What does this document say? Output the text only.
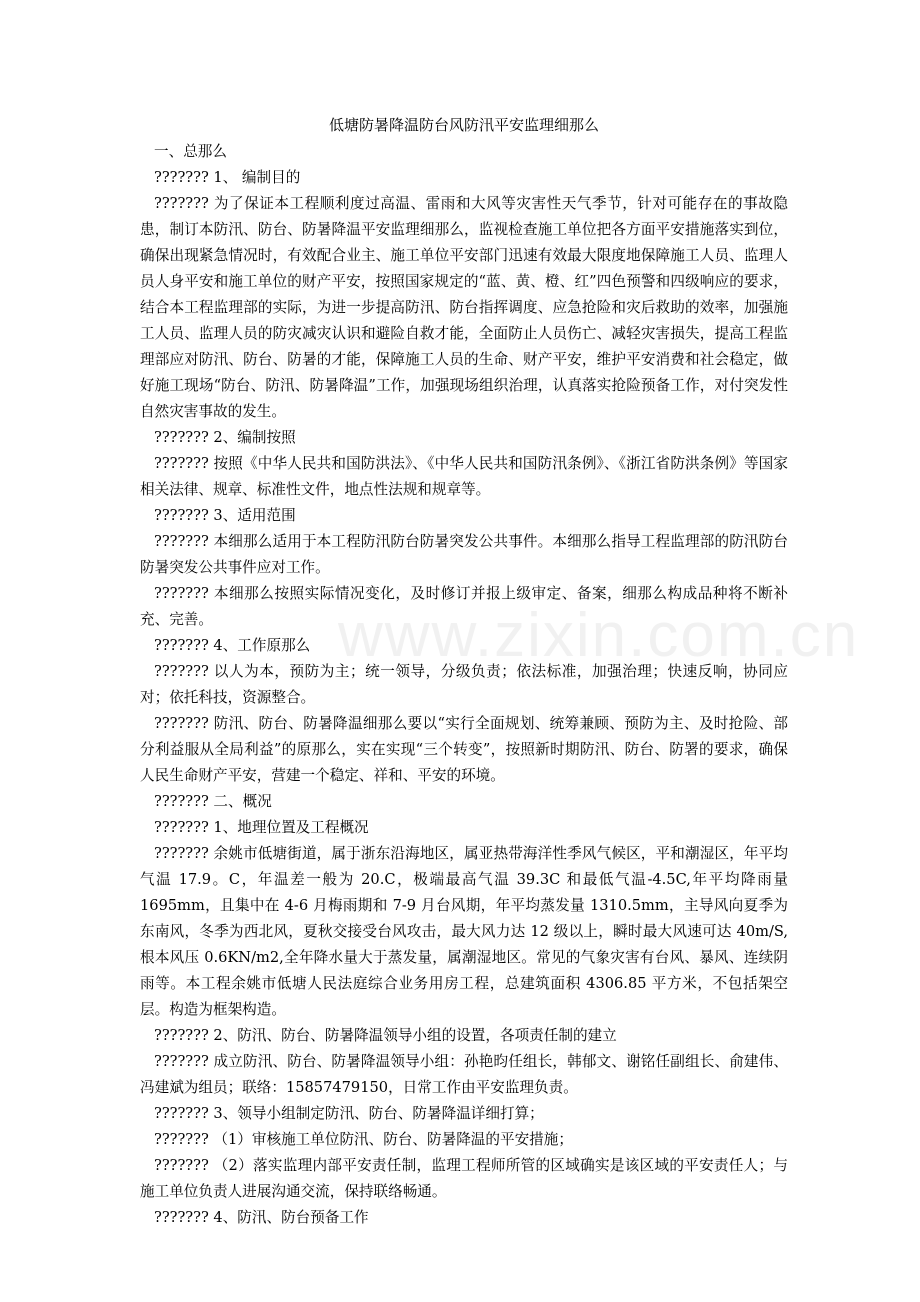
www.zixin.com.cn

低塘防暑降温防台风防汛平安监理细那么

一、总那么

??????? 1、 编制目的

??????? 为了保证本工程顺利度过高温、雷雨和大风等灾害性天气季节，针对可能存在的事故隐患，制订本防汛、防台、防暑降温平安监理细那么，监视检查施工单位把各方面平安措施落实到位，确保出现紧急情况时，有效配合业主、施工单位平安部门迅速有效最大限度地保障施工人员、监理人员人身平安和施工单位的财产平安，按照国家规定的“蓝、黄、橙、红”四色预警和四级响应的要求，结合本工程监理部的实际，为进一步提高防汛、防台指挥调度、应急抢险和灾后救助的效率，加强施工人员、监理人员的防灾减灾认识和避险自救才能，全面防止人员伤亡、减轻灾害损失，提高工程监理部应对防汛、防台、防暑的才能，保障施工人员的生命、财产平安，维护平安消费和社会稳定，做好施工现场“防台、防汛、防暑降温”工作，加强现场组织治理，认真落实抢险预备工作，对付突发性自然灾害事故的发生。

??????? 2、编制按照

??????? 按照《中华人民共和国防洪法》、《中华人民共和国防汛条例》、《浙江省防洪条例》等国家相关法律、规章、标准性文件，地点性法规和规章等。

??????? 3、适用范围

??????? 本细那么适用于本工程防汛防台防暑突发公共事件。本细那么指导工程监理部的防汛防台防暑突发公共事件应对工作。

??????? 本细那么按照实际情况变化，及时修订并报上级审定、备案，细那么构成品种将不断补充、完善。

??????? 4、工作原那么

??????? 以人为本，预防为主；统一领导，分级负责；依法标准，加强治理；快速反响，协同应对；依托科技，资源整合。

??????? 防汛、防台、防暑降温细那么要以“实行全面规划、统筹兼顾、预防为主、及时抢险、部分利益服从全局利益”的原那么，实在实现“三个转变”，按照新时期防汛、防台、防署的要求，确保人民生命财产平安，营建一个稳定、祥和、平安的环境。

??????? 二、概况

??????? 1、地理位置及工程概况

??????? 余姚市低塘街道，属于浙东沿海地区，属亚热带海洋性季风气候区，平和潮湿区，年平均气温 17.9。C，年温差一般为 20.C，极端最高气温 39.3C 和最低气温-4.5C,年平均降雨量 1695mm，且集中在 4-6 月梅雨期和 7-9 月台风期，年平均蒸发量 1310.5mm，主导风向夏季为东南风，冬季为西北风，夏秋交接受台风攻击，最大风力达 12 级以上，瞬时最大风速可达 40m/S,根本风压 0.6KN/m2,全年降水量大于蒸发量，属潮湿地区。常见的气象灾害有台风、暴风、连续阴雨等。本工程余姚市低塘人民法庭综合业务用房工程，总建筑面积 4306.85 平方米，不包括架空层。构造为框架构造。

??????? 2、防汛、防台、防暑降温领导小组的设置，各项责任制的建立

??????? 成立防汛、防台、防暑降温领导小组：孙艳昀任组长，韩郁文、谢铭任副组长、俞建伟、冯建斌为组员；联络：15857479150，日常工作由平安监理负责。

??????? 3、领导小组制定防汛、防台、防暑降温详细打算；

??????? （1）审核施工单位防汛、防台、防暑降温的平安措施；

??????? （2）落实监理内部平安责任制，监理工程师所管的区域确实是该区域的平安责任人；与施工单位负责人进展沟通交流，保持联络畅通。

??????? 4、防汛、防台预备工作
